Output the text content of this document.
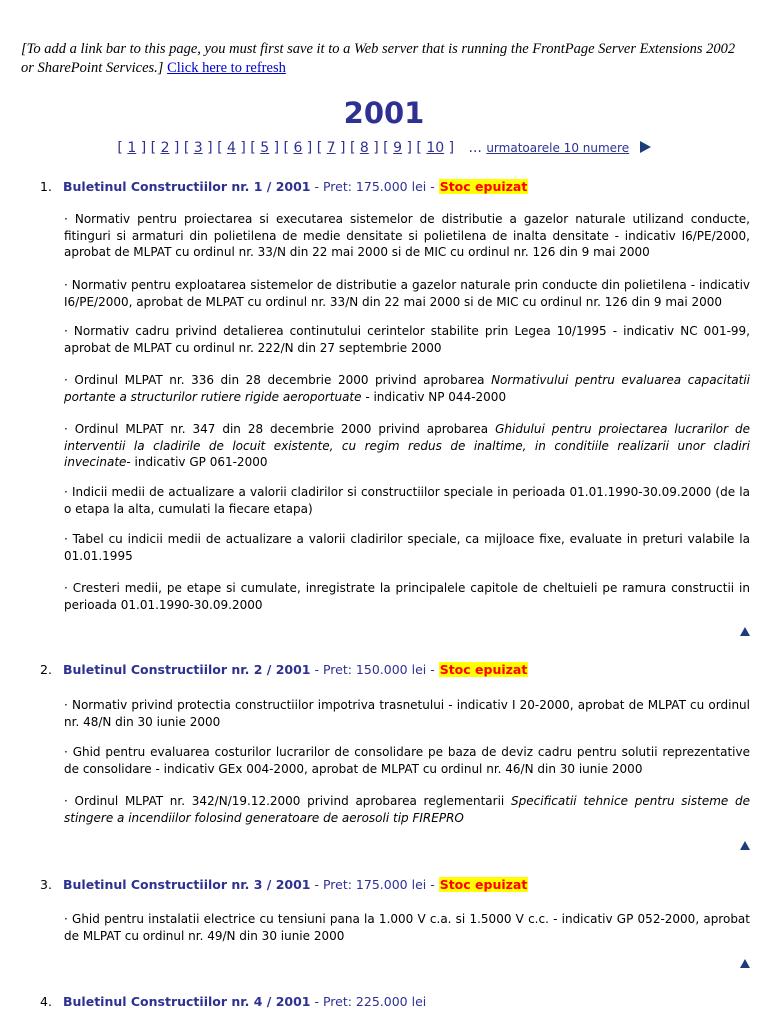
[To add a link bar to this page, you must first save it to a Web server that is running the FrontPage Server Extensions 2002 or SharePoint Services.] Click here to refresh
2001
[ 1 ] [ 2 ] [ 3 ] [ 4 ] [ 5 ] [ 6 ] [ 7 ] [ 8 ] [ 9 ] [ 10 ] ... urmatoarele 10 numere
1. Buletinul Constructiilor nr. 1 / 2001 - Pret: 175.000 lei - Stoc epuizat
· Normativ pentru proiectarea si executarea sistemelor de distributie a gazelor naturale utilizand conducte, fitinguri si armaturi din polietilena de medie densitate si polietilena de inalta densitate - indicativ I6/PE/2000, aprobat de MLPAT cu ordinul nr. 33/N din 22 mai 2000 si de MIC cu ordinul nr. 126 din 9 mai 2000
· Normativ pentru exploatarea sistemelor de distributie a gazelor naturale prin conducte din polietilena - indicativ I6/PE/2000, aprobat de MLPAT cu ordinul nr. 33/N din 22 mai 2000 si de MIC cu ordinul nr. 126 din 9 mai 2000
· Normativ cadru privind detalierea continutului cerintelor stabilite prin Legea 10/1995 - indicativ NC 001-99, aprobat de MLPAT cu ordinul nr. 222/N din 27 septembrie 2000
· Ordinul MLPAT nr. 336 din 28 decembrie 2000 privind aprobarea Normativului pentru evaluarea capacitatii portante a structurilor rutiere rigide aeroportuate - indicativ NP 044-2000
· Ordinul MLPAT nr. 347 din 28 decembrie 2000 privind aprobarea Ghidului pentru proiectarea lucrarilor de interventii la cladirile de locuit existente, cu regim redus de inaltime, in conditiile realizarii unor cladiri invecinate- indicativ GP 061-2000
· Indicii medii de actualizare a valorii cladirilor si constructiilor speciale in perioada 01.01.1990-30.09.2000 (de la o etapa la alta, cumulati la fiecare etapa)
· Tabel cu indicii medii de actualizare a valorii cladirilor speciale, ca mijloace fixe, evaluate in preturi valabile la 01.01.1995
· Cresteri medii, pe etape si cumulate, inregistrate la principalele capitole de cheltuieli pe ramura constructii in perioada 01.01.1990-30.09.2000
2. Buletinul Constructiilor nr. 2 / 2001 - Pret: 150.000 lei - Stoc epuizat
· Normativ privind protectia constructiilor impotriva trasnetului - indicativ I 20-2000, aprobat de MLPAT cu ordinul nr. 48/N din 30 iunie 2000
· Ghid pentru evaluarea costurilor lucrarilor de consolidare pe baza de deviz cadru pentru solutii reprezentative de consolidare - indicativ GEx 004-2000, aprobat de MLPAT cu ordinul nr. 46/N din 30 iunie 2000
· Ordinul MLPAT nr. 342/N/19.12.2000 privind aprobarea reglementarii Specificatii tehnice pentru sisteme de stingere a incendiilor folosind generatoare de aerosoli tip FIREPRO
3. Buletinul Constructiilor nr. 3 / 2001 - Pret: 175.000 lei - Stoc epuizat
· Ghid pentru instalatii electrice cu tensiuni pana la 1.000 V c.a. si 1.5000 V c.c. - indicativ GP 052-2000, aprobat de MLPAT cu ordinul nr. 49/N din 30 iunie 2000
4. Buletinul Constructiilor nr. 4 / 2001 - Pret: 225.000 lei
